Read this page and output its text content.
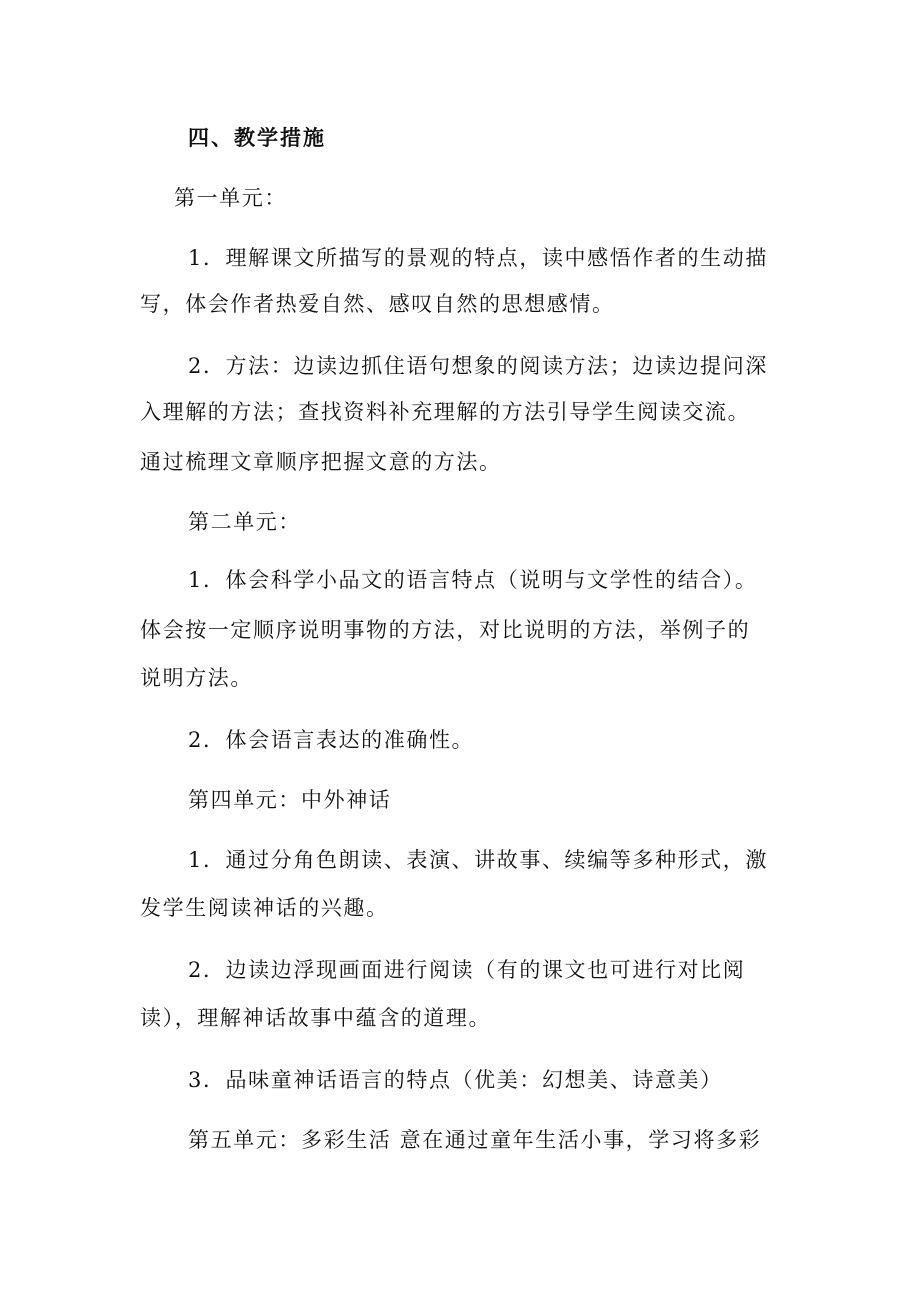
四、教学措施
第一单元：
1．理解课文所描写的景观的特点，读中感悟作者的生动描
写，体会作者热爱自然、感叹自然的思想感情。
2．方法：边读边抓住语句想象的阅读方法；边读边提问深
入理解的方法；查找资料补充理解的方法引导学生阅读交流。
通过梳理文章顺序把握文意的方法。
第二单元：
1．体会科学小品文的语言特点（说明与文学性的结合）。
体会按一定顺序说明事物的方法，对比说明的方法，举例子的
说明方法。
2．体会语言表达的准确性。
第四单元：中外神话
1．通过分角色朗读、表演、讲故事、续编等多种形式，激
发学生阅读神话的兴趣。
2．边读边浮现画面进行阅读（有的课文也可进行对比阅
读），理解神话故事中蕴含的道理。
3．品味童神话语言的特点（优美：幻想美、诗意美）
第五单元：多彩生活 意在通过童年生活小事，学习将多彩
